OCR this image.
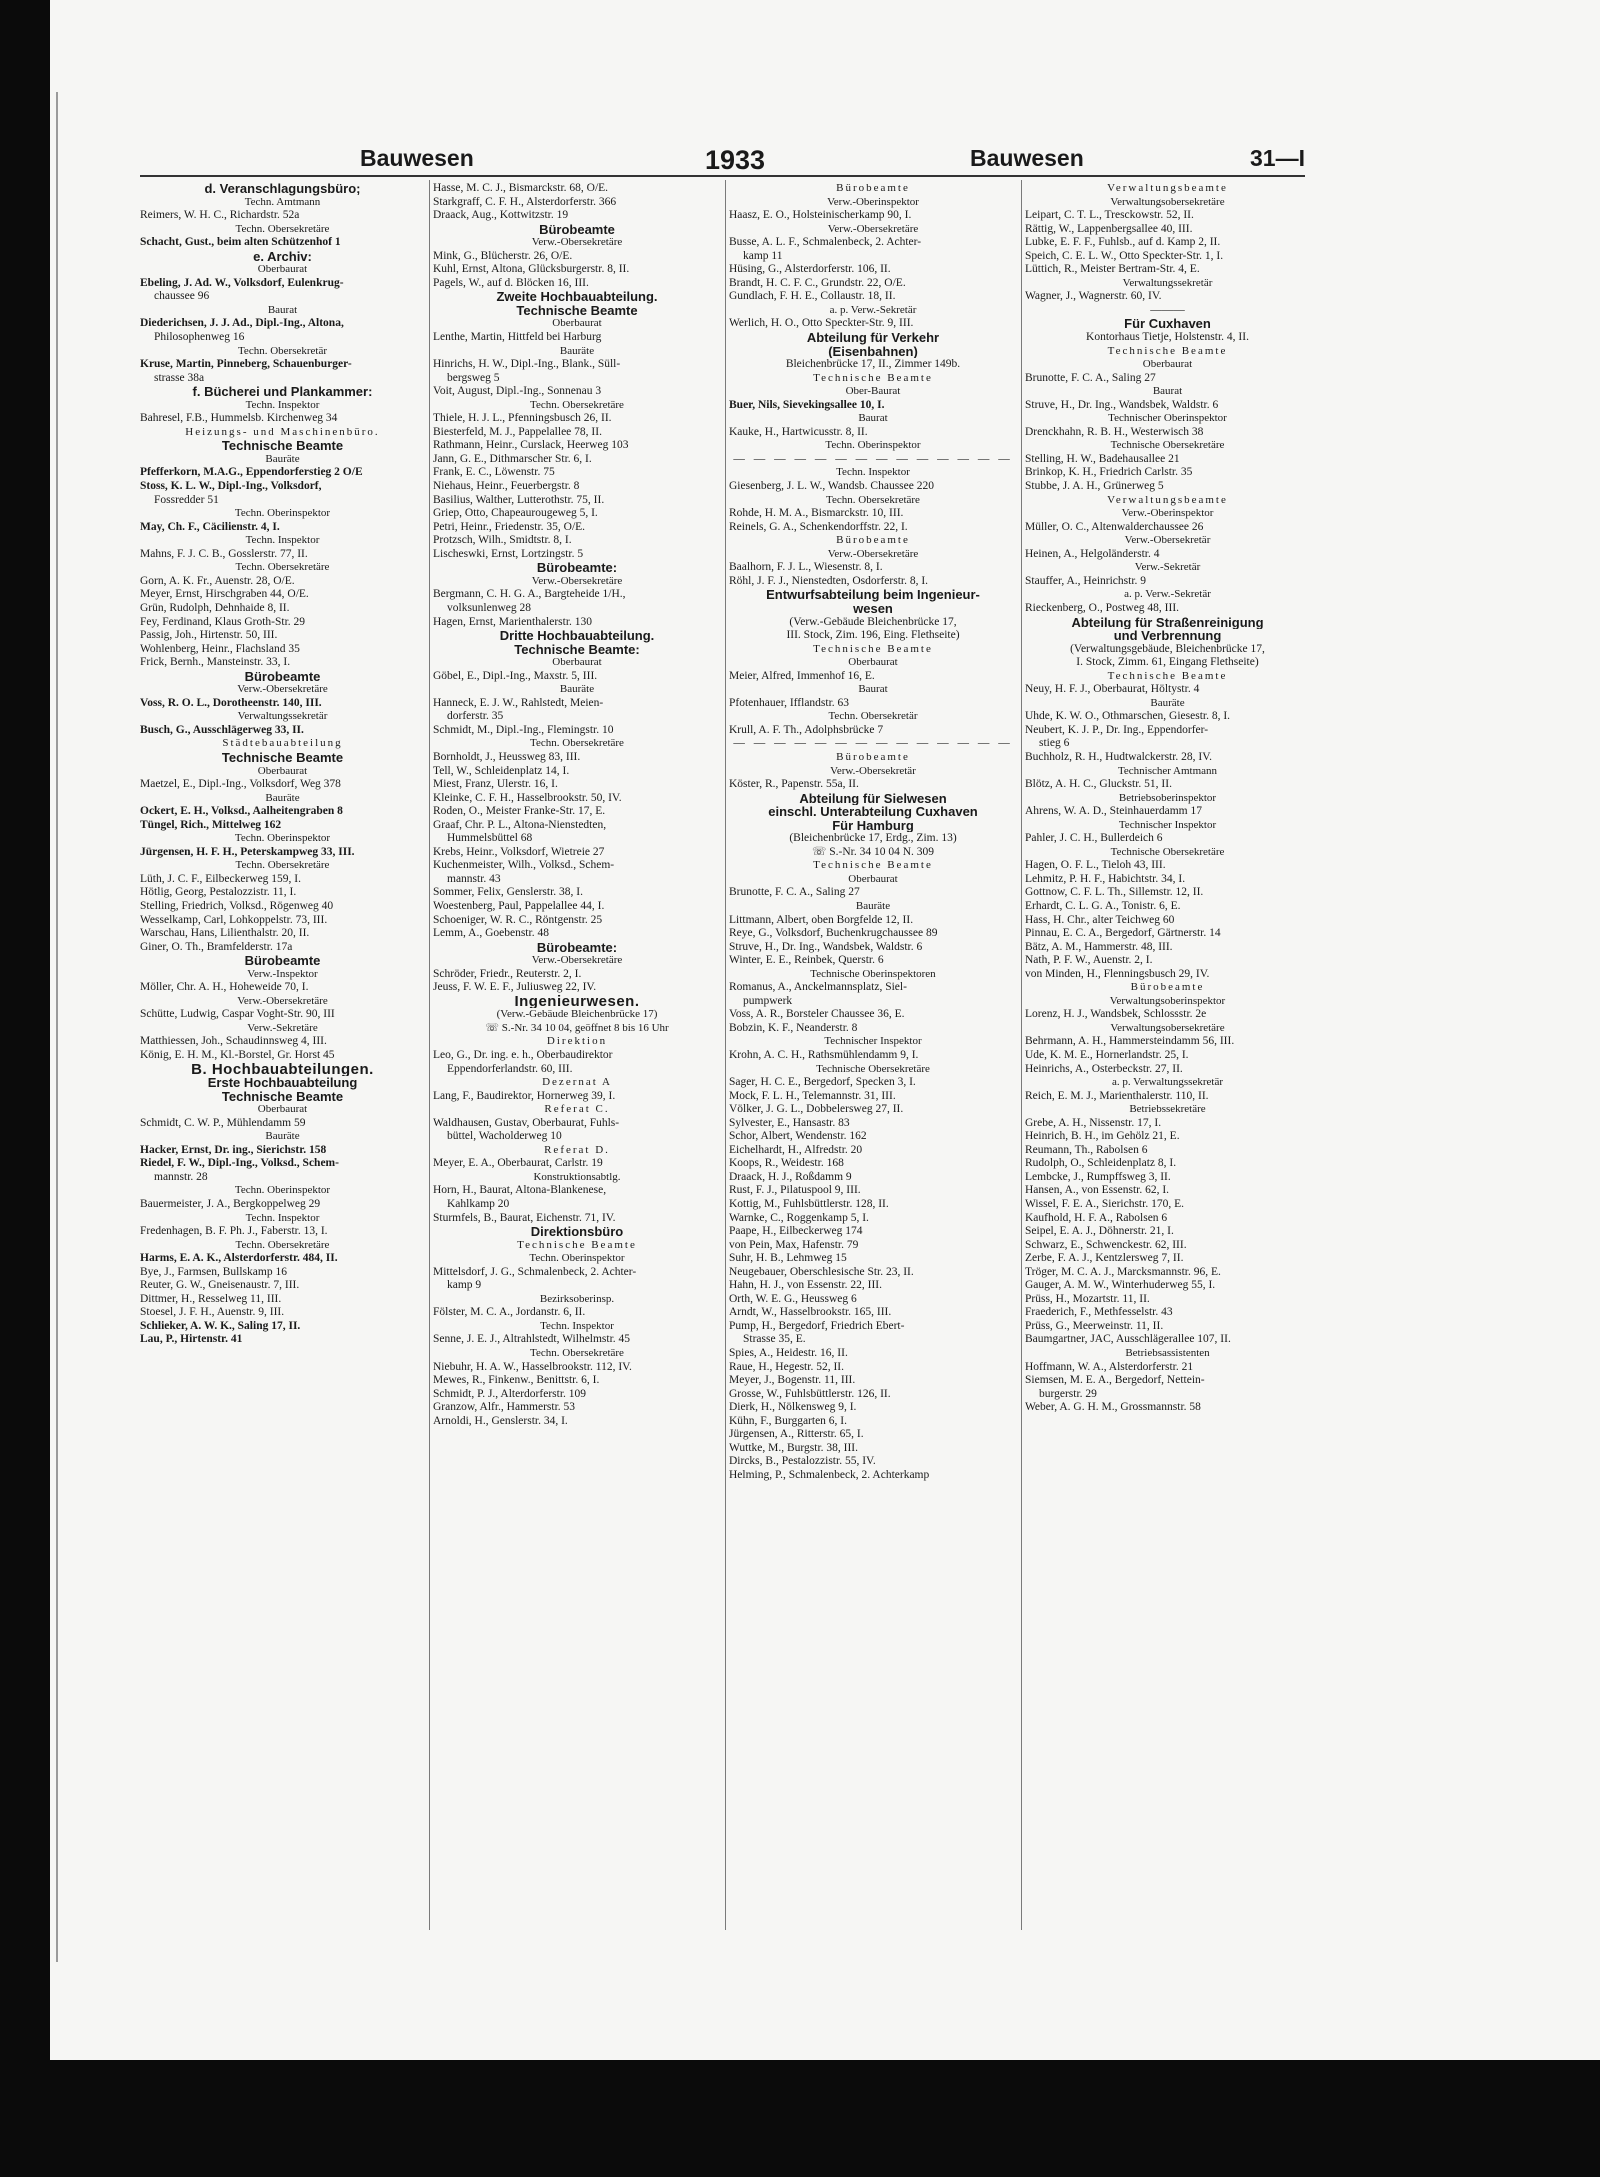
Bauwesen	1933	Bauwesen	31—I
d. Veranschlagungsbüro;
Techn. Amtmann
Reimers, W. H. C., Richardstr. 52a
Techn. Obersekretäre
Schacht, Gust., beim alten Schützenhof 1
e. Archiv:
Oberbaurat
Ebeling, J. Ad. W., Volksdorf, Eulenkrug-
chaussee 96
Baurat
Diederichsen, J. J. Ad., Dipl.-Ing., Altona,
Philosophenweg 16
Techn. Obersekretär
Kruse, Martin, Pinneberg, Schauenburger-
strasse 38a
f. Bücherei und Plankammer:
Techn. Inspektor
Bahresel, F.B., Hummelsb. Kirchenweg 34
Heizungs- und Maschinenbüro.
Technische Beamte
Bauräte
Pfefferkorn, M.A.G., Eppendorferstieg 2 O/E
Stoss, K. L. W., Dipl.-Ing., Volksdorf,
Fossredder 51
Techn. Oberinspektor
May, Ch. F., Cäcilienstr. 4, I.
Techn. Inspektor
Mahns, F. J. C. B., Gosslerstr. 77, II.
Techn. Obersekretäre
Gorn, A. K. Fr., Auenstr. 28, O/E.
Meyer, Ernst, Hirschgraben 44, O/E.
Grün, Rudolph, Dehnhaide 8, II.
Fey, Ferdinand, Klaus Groth-Str. 29
Passig, Joh., Hirtenstr. 50, III.
Wohlenberg, Heinr., Flachsland 35
Frick, Bernh., Mansteinstr. 33, I.
Bürobeamte
Verw.-Obersekretäre
Voss, R. O. L., Dorotheenstr. 140, III.
Verwaltungssekretär
Busch, G., Ausschlägerweg 33, II.
Städtebauabteilung
Technische Beamte
Oberbaurat
Maetzel, E., Dipl.-Ing., Volksdorf, Weg 378
Bauräte
Ockert, E. H., Volksd., Aalheitengraben 8
Tüngel, Rich., Mittelweg 162
Techn. Oberinspektor
Jürgensen, H. F. H., Peterskampweg 33, III.
Techn. Obersekretäre
Lüth, J. C. F., Eilbeckerweg 159, I.
Hötlig, Georg, Pestalozzistr. 11, I.
Stelling, Friedrich, Volksd., Rögenweg 40
Wesselkamp, Carl, Lohkoppelstr. 73, III.
Warschau, Hans, Lilienthalstr. 20, II.
Giner, O. Th., Bramfelderstr. 17a
Bürobeamte
Verw.-Inspektor
Möller, Chr. A. H., Hoheweide 70, I.
Verw.-Obersekretäre
Schütte, Ludwig, Caspar Voght-Str. 90, III
Verw.-Sekretäre
Matthiessen, Joh., Schaudinnsweg 4, III.
König, E. H. M., Kl.-Borstel, Gr. Horst 45
B. Hochbauabteilungen.
Erste Hochbauabteilung
Technische Beamte
Oberbaurat
Schmidt, C. W. P., Mühlendamm 59
Bauräte
Hacker, Ernst, Dr. ing., Sierichstr. 158
Riedel, F. W., Dipl.-Ing., Volksd., Schem-
mannstr. 28
Techn. Oberinspektor
Bauermeister, J. A., Bergkoppelweg 29
Techn. Inspektor
Fredenhagen, B. F. Ph. J., Faberstr. 13, I.
Techn. Obersekretäre
Harms, E. A. K., Alsterdorferstr. 484, II.
Bye, J., Farmsen, Bullskamp 16
Reuter, G. W., Gneisenaustr. 7, III.
Dittmer, H., Resselweg 11, III.
Stoesel, J. F. H., Auenstr. 9, III.
Schlieker, A. W. K., Saling 17, II.
Lau, P., Hirtenstr. 41
Hasse, M. C. J., Bismarckstr. 68, O/E.
Starkgraff, C. F. H., Alsterdorferstr. 366
Draack, Aug., Kottwitzstr. 19
Bürobeamte
Verw.-Obersekretäre
Mink, G., Blücherstr. 26, O/E.
Kuhl, Ernst, Altona, Glücksburgerstr. 8, II.
Pagels, W., auf d. Blöcken 16, III.
Zweite Hochbauabteilung.
Technische Beamte
Oberbaurat
Lenthe, Martin, Hittfeld bei Harburg
Bauräte
Hinrichs, H. W., Dipl.-Ing., Blank., Süll-
bergsweg 5
Voit, August, Dipl.-Ing., Sonnenau 3
Techn. Obersekretäre
Thiele, H. J. L., Pfenningsbusch 26, II.
Biesterfeld, M. J., Pappelallee 78, II.
Rathmann, Heinr., Curslack, Heerweg 103
Jann, G. E., Dithmarscher Str. 6, I.
Frank, E. C., Löwenstr. 75
Niehaus, Heinr., Feuerbergstr. 8
Basilius, Walther, Lutterothstr. 75, II.
Griep, Otto, Chapeaurougeweg 5, I.
Petri, Heinr., Friedenstr. 35, O/E.
Protzsch, Wilh., Smidtstr. 8, I.
Lischeswki, Ernst, Lortzingstr. 5
Bürobeamte:
Verw.-Obersekretäre
Bergmann, C. H. G. A., Bargteheide 1/H.,
volksunlenweg 28
Hagen, Ernst, Marienthalerstr. 130
Dritte Hochbauabteilung.
Technische Beamte:
Oberbaurat
Göbel, E., Dipl.-Ing., Maxstr. 5, III.
Bauräte
Hanneck, E. J. W., Rahlstedt, Meien-
dorferstr. 35
Schmidt, M., Dipl.-Ing., Flemingstr. 10
Techn. Obersekretäre
Bornholdt, J., Heussweg 83, III.
Tell, W., Schleidenplatz 14, I.
Miest, Franz, Ulerstr. 16, I.
Kleinke, C. F. H., Hasselbrookstr. 50, IV.
Roden, O., Meister Franke-Str. 17, E.
Graaf, Chr. P. L., Altona-Nienstedten,
Hummelsbüttel 68
Krebs, Heinr., Volksdorf, Wietreie 27
Kuchenmeister, Wilh., Volksd., Schem-
mannstr. 43
Sommer, Felix, Genslerstr. 38, I.
Woestenberg, Paul, Pappelallee 44, I.
Schoeniger, W. R. C., Röntgenstr. 25
Lemm, A., Goebenstr. 48
Bürobeamte:
Verw.-Obersekretäre
Schröder, Friedr., Reuterstr. 2, I.
Jeuss, F. W. E. F., Juliusweg 22, IV.
Ingenieurwesen.
(Verw.-Gebäude Bleichenbrücke 17)
☏ S.-Nr. 34 10 04, geöffnet 8 bis 16 Uhr
Direktion
Leo, G., Dr. ing. e. h., Oberbaudirektor
Eppendorferlandstr. 60, III.
Dezernat A
Lang, F., Baudirektor, Hornerweg 39, I.
Referat C.
Waldhausen, Gustav, Oberbaurat, Fuhls-
büttel, Wacholderweg 10
Referat D.
Meyer, E. A., Oberbaurat, Carlstr. 19
Konstruktionsabtlg.
Horn, H., Baurat, Altona-Blankenese,
Kahlkamp 20
Sturmfels, B., Baurat, Eichenstr. 71, IV.
Direktionsbüro
Technische Beamte
Techn. Oberinspektor
Mittelsdorf, J. G., Schmalenbeck, 2. Achter-
kamp 9
Bezirksoberinsp.
Fölster, M. C. A., Jordanstr. 6, II.
Techn. Inspektor
Senne, J. E. J., Altrahlstedt, Wilhelmstr. 45
Techn. Obersekretäre
Niebuhr, H. A. W., Hasselbrookstr. 112, IV.
Mewes, R., Finkenw., Benittstr. 6, I.
Schmidt, P. J., Alterdorferstr. 109
Granzow, Alfr., Hammerstr. 53
Arnoldi, H., Genslerstr. 34, I.
Bürobeamte
Verw.-Oberinspektor
Haasz, E. O., Holsteinischerkamp 90, I.
Verw.-Obersekretäre
Busse, A. L. F., Schmalenbeck, 2. Achter-
kamp 11
Hüsing, G., Alsterdorferstr. 106, II.
Brandt, H. C. F. C., Grundstr. 22, O/E.
Gundlach, F. H. E., Collaustr. 18, II.
a. p. Verw.-Sekretär
Werlich, H. O., Otto Speckter-Str. 9, III.
Abteilung für Verkehr
(Eisenbahnen)
Bleichenbrücke 17, II., Zimmer 149b.
Technische Beamte
Ober-Baurat
Buer, Nils, Sievekingsallee 10, I.
Baurat
Kauke, H., Hartwicusstr. 8, II.
Techn. Oberinspektor
— — — — — — — — — — — — — —
Techn. Inspektor
Giesenberg, J. L. W., Wandsb. Chaussee 220
Techn. Obersekretäre
Rohde, H. M. A., Bismarckstr. 10, III.
Reinels, G. A., Schenkendorffstr. 22, I.
Bürobeamte
Verw.-Obersekretäre
Baalhorn, F. J. L., Wiesenstr. 8, I.
Röhl, J. F. J., Nienstedten, Osdorferstr. 8, I.
Entwurfsabteilung beim Ingenieur-
wesen
(Verw.-Gebäude Bleichenbrücke 17,
III. Stock, Zim. 196, Eing. Flethseite)
Technische Beamte
Oberbaurat
Meier, Alfred, Immenhof 16, E.
Baurat
Pfotenhauer, Ifflandstr. 63
Techn. Obersekretär
Krull, A. F. Th., Adolphsbrücke 7
— — — — — — — — — — — — — —
Bürobeamte
Verw.-Obersekretär
Köster, R., Papenstr. 55a, II.
Abteilung für Sielwesen
einschl. Unterabteilung Cuxhaven
Für Hamburg
(Bleichenbrücke 17, Erdg., Zim. 13)
☏ S.-Nr. 34 10 04 N. 309
Technische Beamte
Oberbaurat
Brunotte, F. C. A., Saling 27
Bauräte
Littmann, Albert, oben Borgfelde 12, II.
Reye, G., Volksdorf, Buchenkrugchaussee 89
Struve, H., Dr. Ing., Wandsbek, Waldstr. 6
Winter, E. E., Reinbek, Querstr. 6
Technische Oberinspektoren
Romanus, A., Anckelmannsplatz, Siel-
pumpwerk
Voss, A. R., Borsteler Chaussee 36, E.
Bobzin, K. F., Neanderstr. 8
Technischer Inspektor
Krohn, A. C. H., Rathsmühlendamm 9, I.
Technische Obersekretäre
Sager, H. C. E., Bergedorf, Specken 3, I.
Mock, F. L. H., Telemannstr. 31, III.
Völker, J. G. L., Dobbelersweg 27, II.
Sylvester, E., Hansastr. 83
Schor, Albert, Wendenstr. 162
Eichelhardt, H., Alfredstr. 20
Koops, R., Weidestr. 168
Draack, H. J., Roßdamm 9
Rust, F. J., Pilatuspool 9, III.
Kottig, M., Fuhlsbüttlerstr. 128, II.
Warnke, C., Roggenkamp 5, I.
Paape, H., Eilbeckerweg 174
von Pein, Max, Hafenstr. 79
Suhr, H. B., Lehmweg 15
Neugebauer, Oberschlesische Str. 23, II.
Hahn, H. J., von Essenstr. 22, III.
Orth, W. E. G., Heussweg 6
Arndt, W., Hasselbrookstr. 165, III.
Pump, H., Bergedorf, Friedrich Ebert-
Strasse 35, E.
Spies, A., Heidestr. 16, II.
Raue, H., Hegestr. 52, II.
Meyer, J., Bogenstr. 11, III.
Grosse, W., Fuhlsbüttlerstr. 126, II.
Dierk, H., Nölkensweg 9, I.
Kühn, F., Burggarten 6, I.
Jürgensen, A., Ritterstr. 65, I.
Wuttke, M., Burgstr. 38, III.
Dircks, B., Pestalozzistr. 55, IV.
Helming, P., Schmalenbeck, 2. Achterkamp
Verwaltungsbeamte
Verwaltungsobersekretäre
Leipart, C. T. L., Tresckowstr. 52, II.
Rättig, W., Lappenbergsallee 40, III.
Lubke, E. F. F., Fuhlsb., auf d. Kamp 2, II.
Speich, C. E. L. W., Otto Speckter-Str. 1, I.
Lüttich, R., Meister Bertram-Str. 4, E.
Verwaltungssekretär
Wagner, J., Wagnerstr. 60, IV.
———
Für Cuxhaven
Kontorhaus Tietje, Holstenstr. 4, II.
Technische Beamte
Oberbaurat
Brunotte, F. C. A., Saling 27
Baurat
Struve, H., Dr. Ing., Wandsbek, Waldstr. 6
Technischer Oberinspektor
Drenckhahn, R. B. H., Westerwisch 38
Technische Obersekretäre
Stelling, H. W., Badehausallee 21
Brinkop, K. H., Friedrich Carlstr. 35
Stubbe, J. A. H., Grünerweg 5
Verwaltungsbeamte
Verw.-Oberinspektor
Müller, O. C., Altenwalderchaussee 26
Verw.-Obersekretär
Heinen, A., Helgoländerstr. 4
Verw.-Sekretär
Stauffer, A., Heinrichstr. 9
a. p. Verw.-Sekretär
Rieckenberg, O., Postweg 48, III.
Abteilung für Straßenreinigung
und Verbrennung
(Verwaltungsgebäude, Bleichenbrücke 17,
I. Stock, Zimm. 61, Eingang Flethseite)
Technische Beamte
Neuy, H. F. J., Oberbaurat, Höltystr. 4
Bauräte
Uhde, K. W. O., Othmarschen, Giesestr. 8, I.
Neubert, K. J. P., Dr. Ing., Eppendorfer-
stieg 6
Buchholz, R. H., Hudtwalckerstr. 28, IV.
Technischer Amtmann
Blötz, A. H. C., Gluckstr. 51, II.
Betriebsoberinspektor
Ahrens, W. A. D., Steinhauerdamm 17
Technischer Inspektor
Pahler, J. C. H., Bullerdeich 6
Technische Obersekretäre
Hagen, O. F. L., Tieloh 43, III.
Lehmitz, P. H. F., Habichtstr. 34, I.
Gottnow, C. F. L. Th., Sillemstr. 12, II.
Erhardt, C. L. G. A., Tonistr. 6, E.
Hass, H. Chr., alter Teichweg 60
Pinnau, E. C. A., Bergedorf, Gärtnerstr. 14
Bätz, A. M., Hammerstr. 48, III.
Nath, P. F. W., Auenstr. 2, I.
von Minden, H., Flenningsbusch 29, IV.
Bürobeamte
Verwaltungsoberinspektor
Lorenz, H. J., Wandsbek, Schlossstr. 2e
Verwaltungsobersekretäre
Behrmann, A. H., Hammersteindamm 56, III.
Ude, K. M. E., Hornerlandstr. 25, I.
Heinrichs, A., Osterbeckstr. 27, II.
a. p. Verwaltungssekretär
Reich, E. M. J., Marienthalerstr. 110, II.
Betriebssekretäre
Grebe, A. H., Nissenstr. 17, I.
Heinrich, B. H., im Gehölz 21, E.
Reumann, Th., Rabolsen 6
Rudolph, O., Schleidenplatz 8, I.
Lembcke, J., Rumpffsweg 3, II.
Hansen, A., von Essenstr. 62, I.
Wissel, F. E. A., Sierichstr. 170, E.
Kaufhold, H. F. A., Rabolsen 6
Seipel, E. A. J., Döhnerstr. 21, I.
Schwarz, E., Schwenckestr. 62, III.
Zerbe, F. A. J., Kentzlersweg 7, II.
Tröger, M. C. A. J., Marcksmannstr. 96, E.
Gauger, A. M. W., Winterhuderweg 55, I.
Prüss, H., Mozartstr. 11, II.
Fraederich, F., Methfesselstr. 43
Prüss, G., Meerweinstr. 11, II.
Baumgartner, JAC, Ausschlägerallee 107, II.
Betriebsassistenten
Hoffmann, W. A., Alsterdorferstr. 21
Siemsen, M. E. A., Bergedorf, Nettein-
burgerstr. 29
Weber, A. G. H. M., Grossmannstr. 58
